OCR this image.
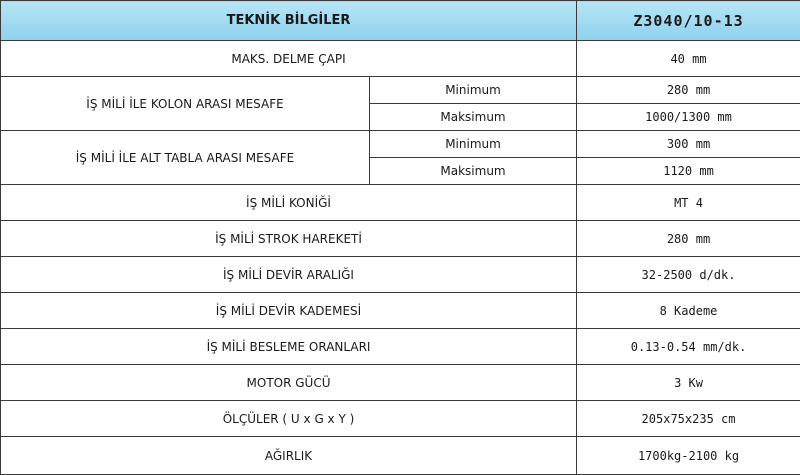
TEKNİK BİLGİLER		Z3040/10-13
MAKS. DELME ÇAPI		40 mm
İŞ MİLİ İLE KOLON ARASI MESAFE	Minimum	280 mm
	Maksimum	1000/1300 mm
İŞ MİLİ İLE ALT TABLA ARASI MESAFE	Minimum	300 mm
	Maksimum	1120 mm
İŞ MİLİ KONİĞİ		MT 4
İŞ MİLİ STROK HAREKETİ		280 mm
İŞ MİLİ DEVİR ARALIĞI		32-2500 d/dk.
İŞ MİLİ DEVİR KADEMESİ		8 Kademe
İŞ MİLİ BESLEME ORANLARI		0.13-0.54 mm/dk.
MOTOR GÜCÜ		3 Kw
ÖLÇÜLER ( U x G x Y )		205x75x235 cm
AĞIRLIK		1700kg-2100 kg
